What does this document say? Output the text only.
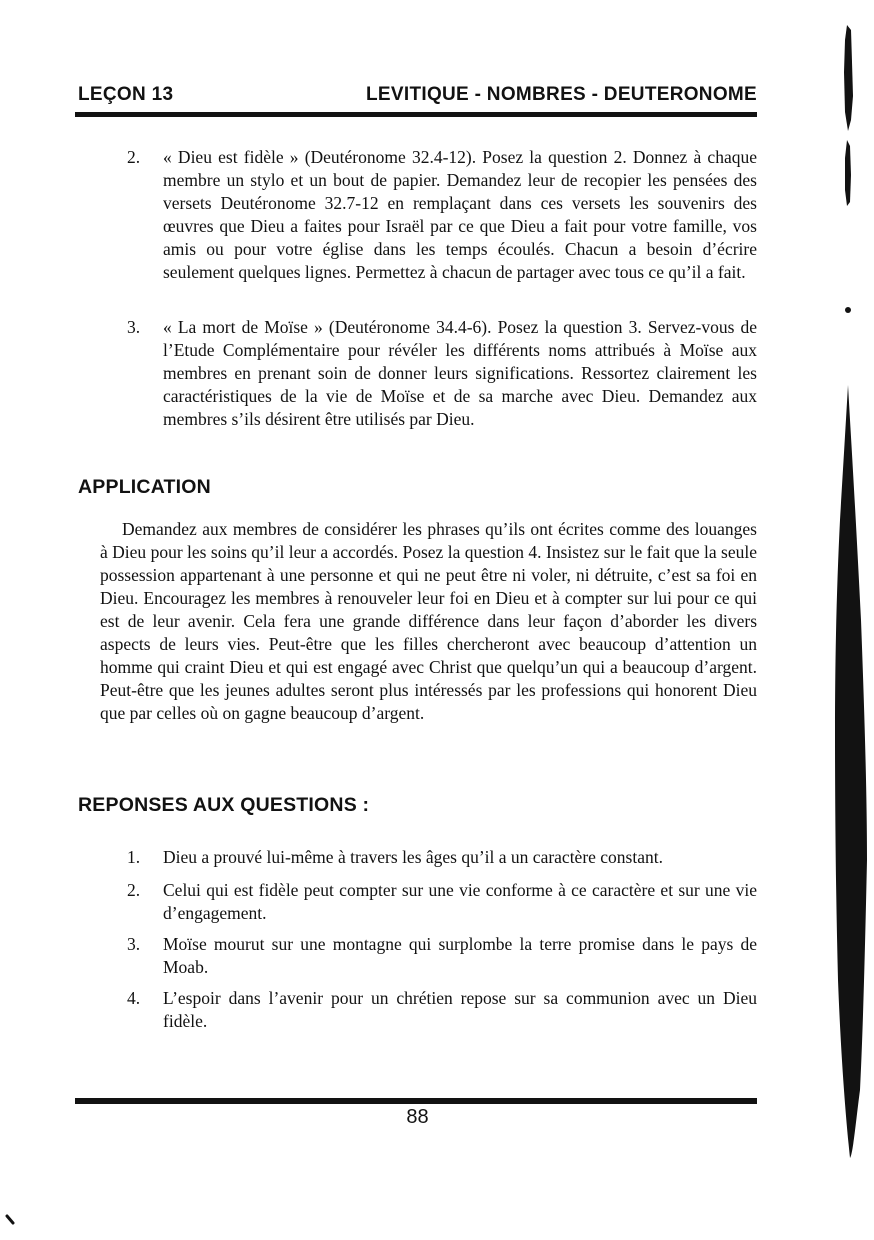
LEÇON 13	LEVITIQUE - NOMBRES - DEUTERONOME
2.	« Dieu est fidèle » (Deutéronome 32.4-12). Posez la question 2. Donnez à chaque membre un stylo et un bout de papier. Demandez leur de recopier les pensées des versets Deutéronome 32.7-12 en remplaçant dans ces versets les souvenirs des œuvres que Dieu a faites pour Israël par ce que Dieu a fait pour votre famille, vos amis ou pour votre église dans les temps écoulés. Chacun a besoin d’écrire seulement quelques lignes. Permettez à chacun de partager avec tous ce qu’il a fait.
3.	« La mort de Moïse » (Deutéronome 34.4-6). Posez la question 3. Servez-vous de l’Etude Complémentaire pour révéler les différents noms attribués à Moïse aux membres en prenant soin de donner leurs significations. Ressortez clairement les caractéristiques de la vie de Moïse et de sa marche avec Dieu. Demandez aux membres s’ils désirent être utilisés par Dieu.
APPLICATION
Demandez aux membres de considérer les phrases qu’ils ont écrites comme des louanges à Dieu pour les soins qu’il leur a accordés. Posez la question 4. Insistez sur le fait que la seule possession appartenant à une personne et qui ne peut être ni voler, ni détruite, c’est sa foi en Dieu. Encouragez les membres à renouveler leur foi en Dieu et à compter sur lui pour ce qui est de leur avenir. Cela fera une grande différence dans leur façon d’aborder les divers aspects de leurs vies. Peut-être que les filles chercheront avec beaucoup d’attention un homme qui craint Dieu et qui est engagé avec Christ que quelqu’un qui a beaucoup d’argent. Peut-être que les jeunes adultes seront plus intéressés par les professions qui honorent Dieu que par celles où on gagne beaucoup d’argent.
REPONSES AUX QUESTIONS :
1.	Dieu a prouvé lui-même à travers les âges qu’il a un caractère constant.
2.	Celui qui est fidèle peut compter sur une vie conforme à ce caractère et sur une vie d’engagement.
3.	Moïse mourut sur une montagne qui surplombe la terre promise dans le pays de Moab.
4.	L’espoir dans l’avenir pour un chrétien repose sur sa communion avec un Dieu fidèle.
88
